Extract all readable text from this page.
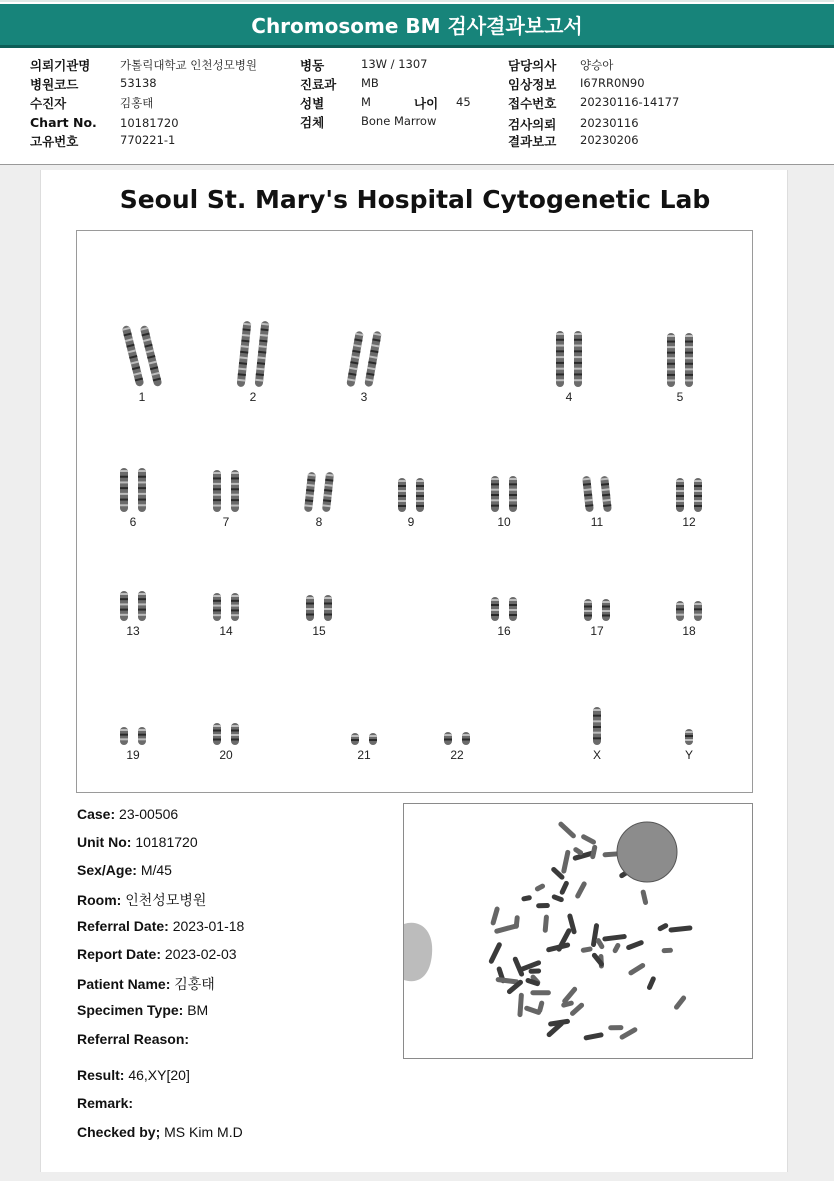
Chromosome BM 검사결과보고서
의뢰기관명	가톨릭대학교 인천성모병원
병원코드	53138
수진자	김홍태
Chart No. 10181720
고유번호	770221-1
병동	13W / 1307
진료과 MB
성별	M	나이 45
검체	Bone Marrow
담당의사 양승아
임상정보 I67RR0N90
접수번호 20230116-14177
검사의뢰 20230116
결과보고 20230206
Seoul St. Mary's Hospital Cytogenetic Lab
1	2	3	4	5
6	7	8	9	10	11	12
13	14	15	16	17	18
19	20	21	22	X	Y
Case: 23-00506
Unit No: 10181720
Sex/Age: M/45
Room: 인천성모병원
Referral Date: 2023-01-18
Report Date: 2023-02-03
Patient Name: 김홍태
Specimen Type: BM
Referral Reason:
Result: 46,XY[20]
Remark:
Checked by; MS Kim M.D
